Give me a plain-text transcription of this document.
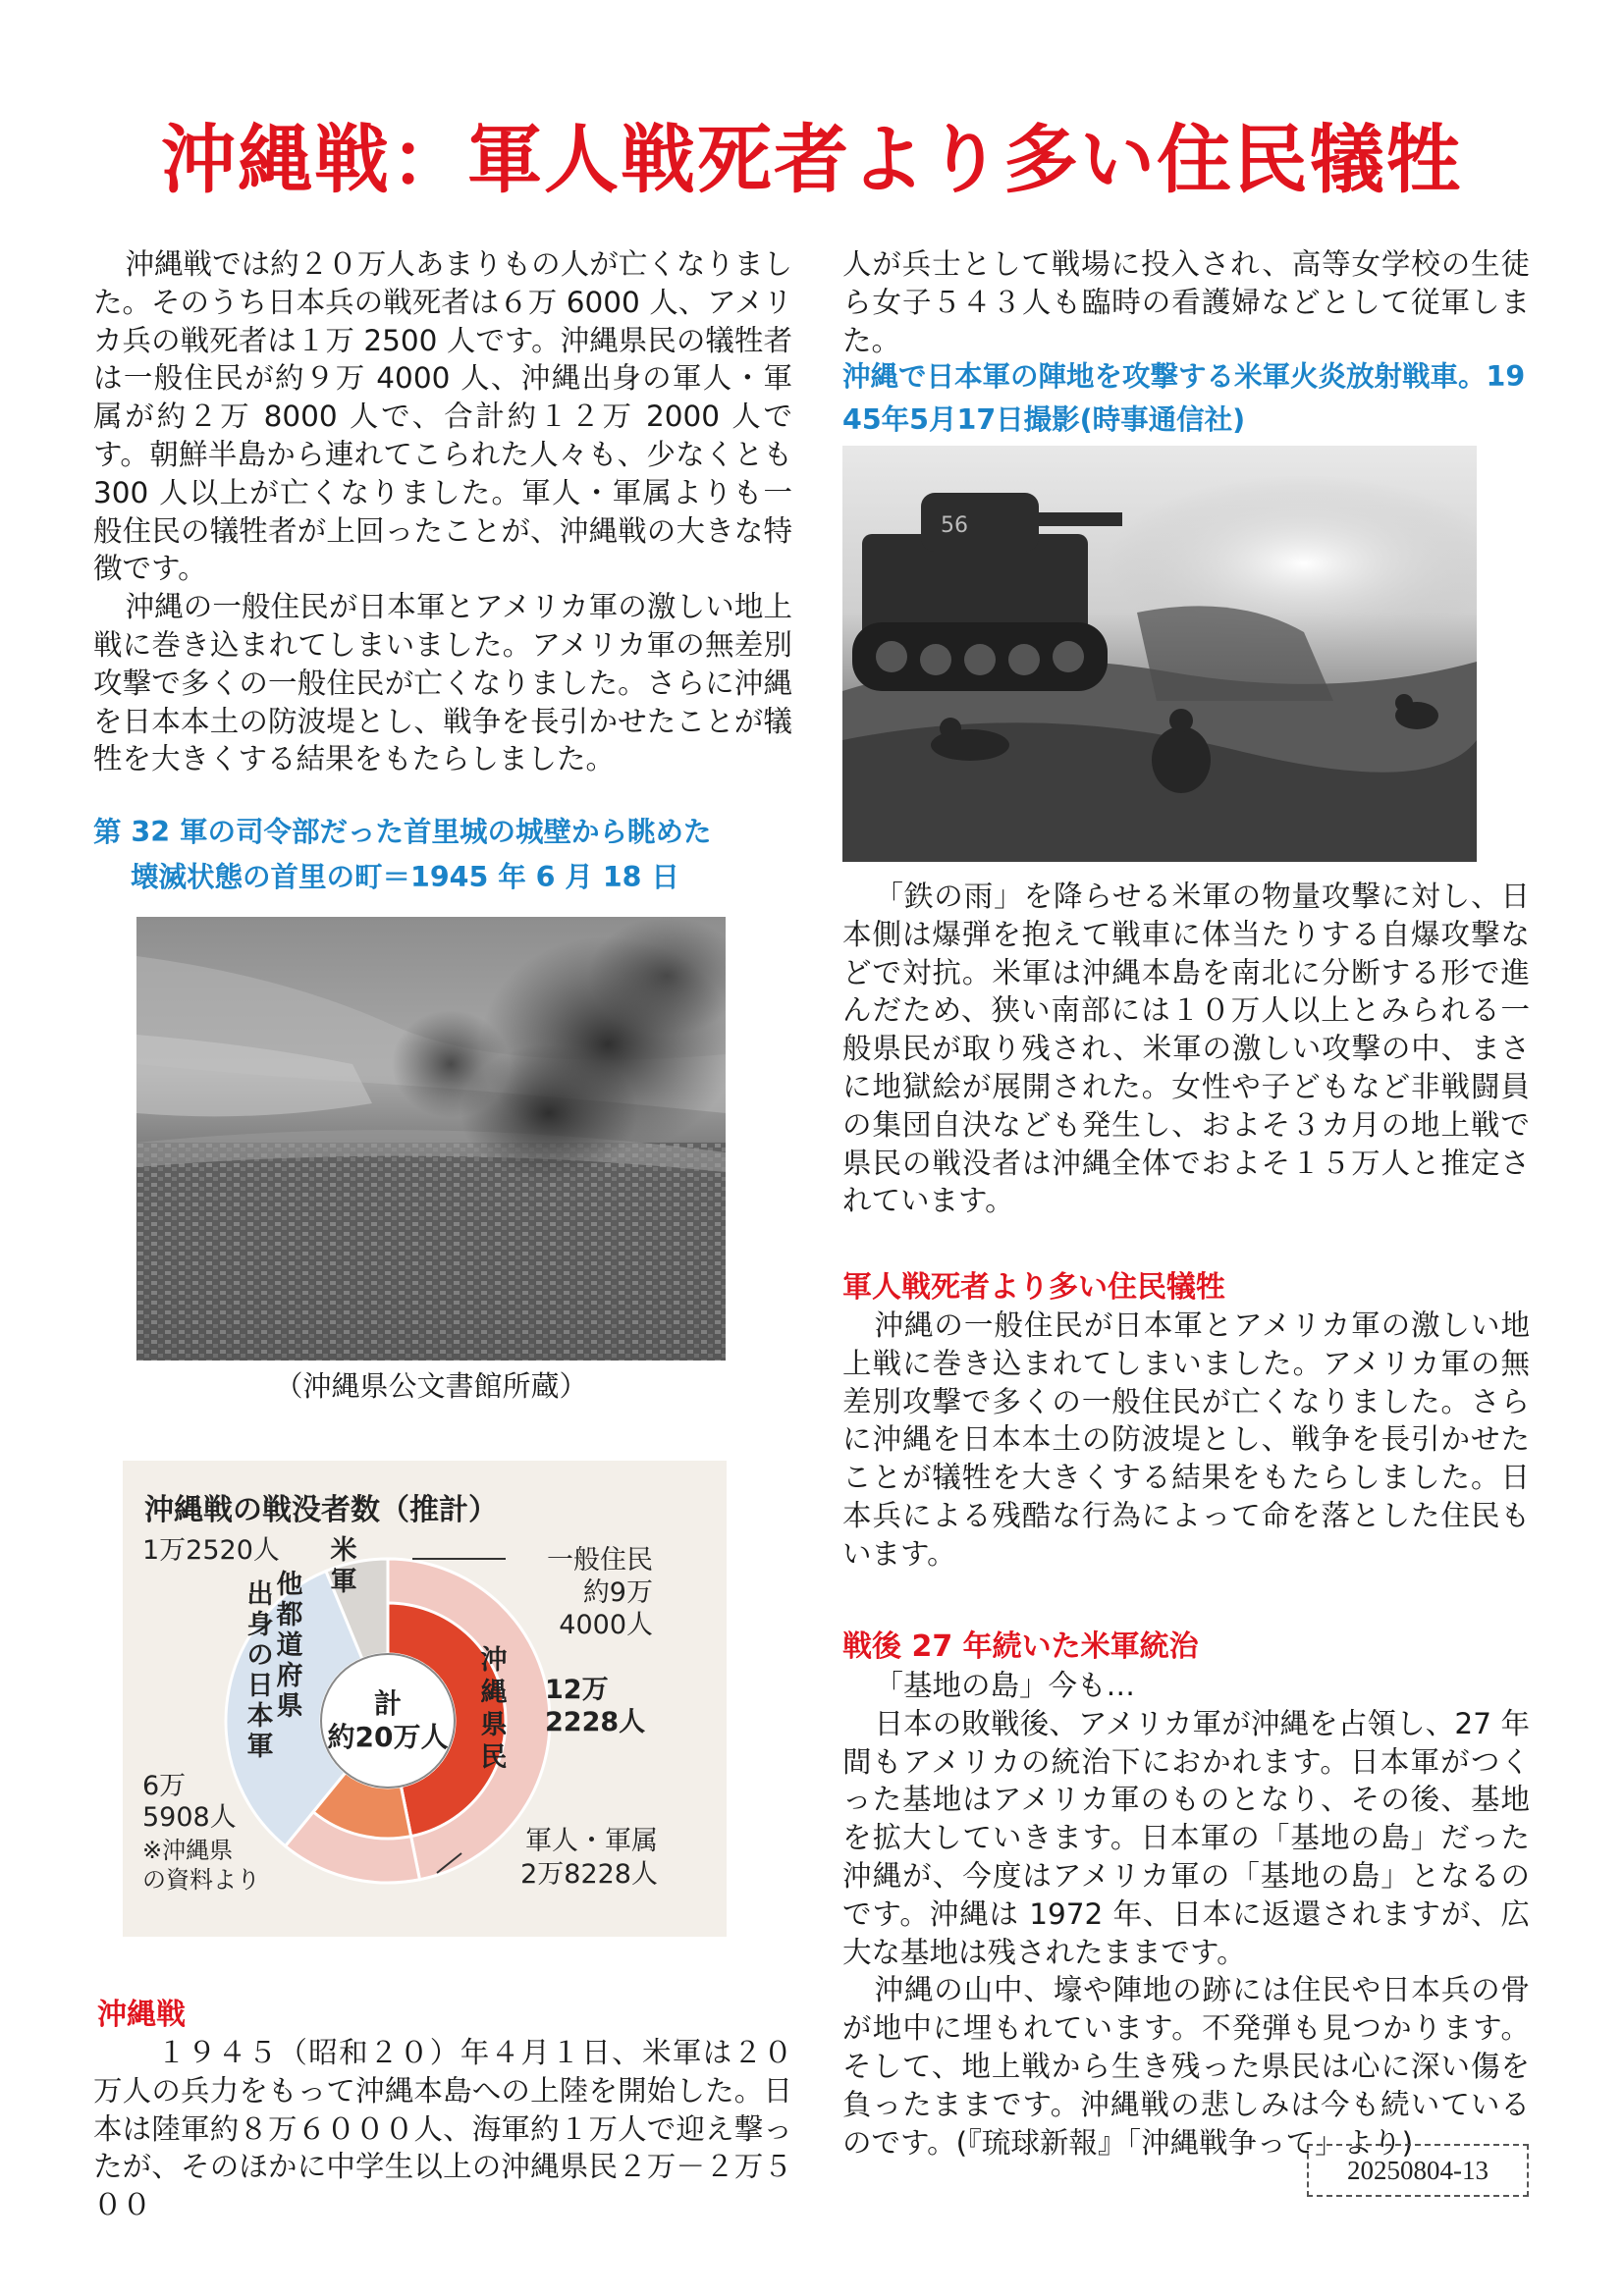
沖縄戦：軍人戦死者より多い住民犠牲

沖縄戦では約２０万人あまりもの人が亡くなりました。そのうち日本兵の戦死者は６万 6000 人、アメリカ兵の戦死者は１万 2500 人です。沖縄県民の犠牲者は一般住民が約９万 4000 人、沖縄出身の軍人・軍属が約２万 8000 人で、合計約１２万 2000 人です。朝鮮半島から連れてこられた人々も、少なくとも 300 人以上が亡くなりました。軍人・軍属よりも一般住民の犠牲者が上回ったことが、沖縄戦の大きな特徴です。

沖縄の一般住民が日本軍とアメリカ軍の激しい地上戦に巻き込まれてしまいました。アメリカ軍の無差別攻撃で多くの一般住民が亡くなりました。さらに沖縄を日本本土の防波堤とし、戦争を長引かせたことが犠牲を大きくする結果をもたらしました。

第 32 軍の司令部だった首里城の城壁から眺めた
壊滅状態の首里の町＝1945 年 6 月 18 日
（沖縄県公文書館所蔵）
沖縄戦の戦没者数（推計）
計
約20万人
1万2520人 米
軍
一般住民
約9万
4000人
沖
縄
県
民
12万
2228人
軍人・軍属
2万8228人
他
都
道
府
県
出
身
の
日
本
軍
6万
5908人
※沖縄県
の資料より
沖縄戦

１９４５（昭和２０）年４月１日、米軍は２０万人の兵力をもって沖縄本島への上陸を開始した。日本は陸軍約８万６０００人、海軍約１万人で迎え撃ったが、そのほかに中学生以上の沖縄県民２万－２万５００

人が兵士として戦場に投入され、高等女学校の生徒ら女子５４３人も臨時の看護婦などとして従軍しまた。

沖縄で日本軍の陣地を攻撃する米軍火炎放射戦車。19
45年5月17日撮影(時事通信社)
56

「鉄の雨」を降らせる米軍の物量攻撃に対し、日本側は爆弾を抱えて戦車に体当たりする自爆攻撃などで対抗。米軍は沖縄本島を南北に分断する形で進んだため、狭い南部には１０万人以上とみられる一般県民が取り残され、米軍の激しい攻撃の中、まさに地獄絵が展開された。女性や子どもなど非戦闘員の集団自決なども発生し、およそ３カ月の地上戦で県民の戦没者は沖縄全体でおよそ１５万人と推定されています。

軍人戦死者より多い住民犠牲

沖縄の一般住民が日本軍とアメリカ軍の激しい地上戦に巻き込まれてしまいました。アメリカ軍の無差別攻撃で多くの一般住民が亡くなりました。さらに沖縄を日本本土の防波堤とし、戦争を長引かせたことが犠牲を大きくする結果をもたらしました。日本兵による残酷な行為によって命を落とした住民もいます。

戦後 27 年続いた米軍統治

「基地の島」今も…

日本の敗戦後、アメリカ軍が沖縄を占領し、27 年間もアメリカの統治下におかれます。日本軍がつくった基地はアメリカ軍のものとなり、その後、基地を拡大していきます。日本軍の「基地の島」だった沖縄が、今度はアメリカ軍の「基地の島」となるのです。沖縄は 1972 年、日本に返還されますが、広大な基地は残されたままです。

沖縄の山中、壕や陣地の跡には住民や日本兵の骨が地中に埋もれています。不発弾も見つかります。そして、地上戦から生き残った県民は心に深い傷を負ったままです。沖縄戦の悲しみは今も続いているのです。(『琉球新報』「沖縄戦争って」より)

20250804-13
